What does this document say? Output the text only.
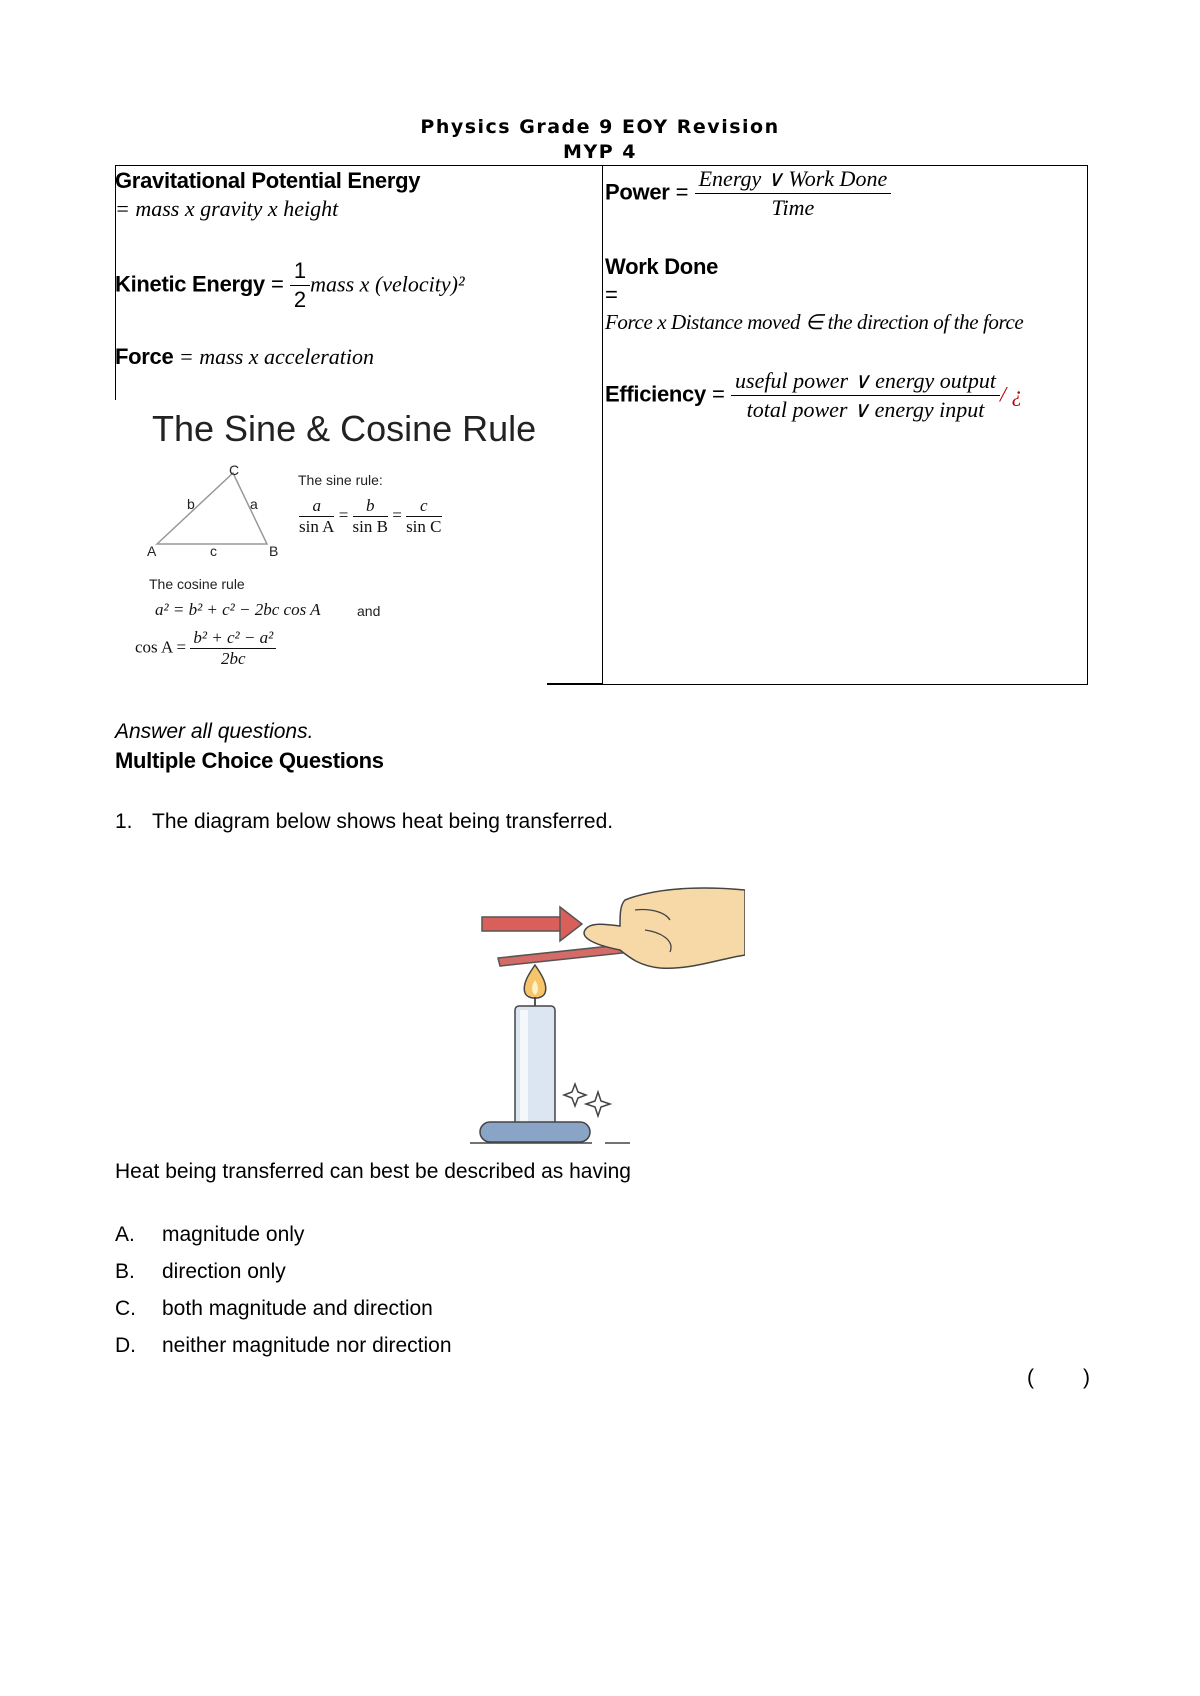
Physics Grade 9 EOY Revision
MYP 4
Gravitational Potential Energy
= mass x gravity x height
Kinetic Energy = $\frac{1}{2}$ mass x (velocity)²
Force = mass x acceleration
Power = $\frac{\text{Energy ∨ Work Done}}{\text{Time}}$
Work Done
=
Force x Distance moved ∈ the direction of the force
Efficiency = $\frac{\text{useful power ∨ energy output}}{\text{total power ∨ energy input}}$ / ¿
The Sine & Cosine Rule
C
A	B
b	a
c
The sine rule:
$\frac{a}{\text{sin A}} = \frac{b}{\text{sin B}} = \frac{c}{\text{sin C}}$
The cosine rule
a² = b² + c² − 2bc cos A	and
$\cos A = \frac{\text{b² + c² − a²}}{2bc}$
Answer all questions.
Multiple Choice Questions
1. The diagram below shows heat being transferred.
Heat being transferred can best be described as having
A. magnitude only
B. direction only
C. both magnitude and direction
D. neither magnitude nor direction
( )
